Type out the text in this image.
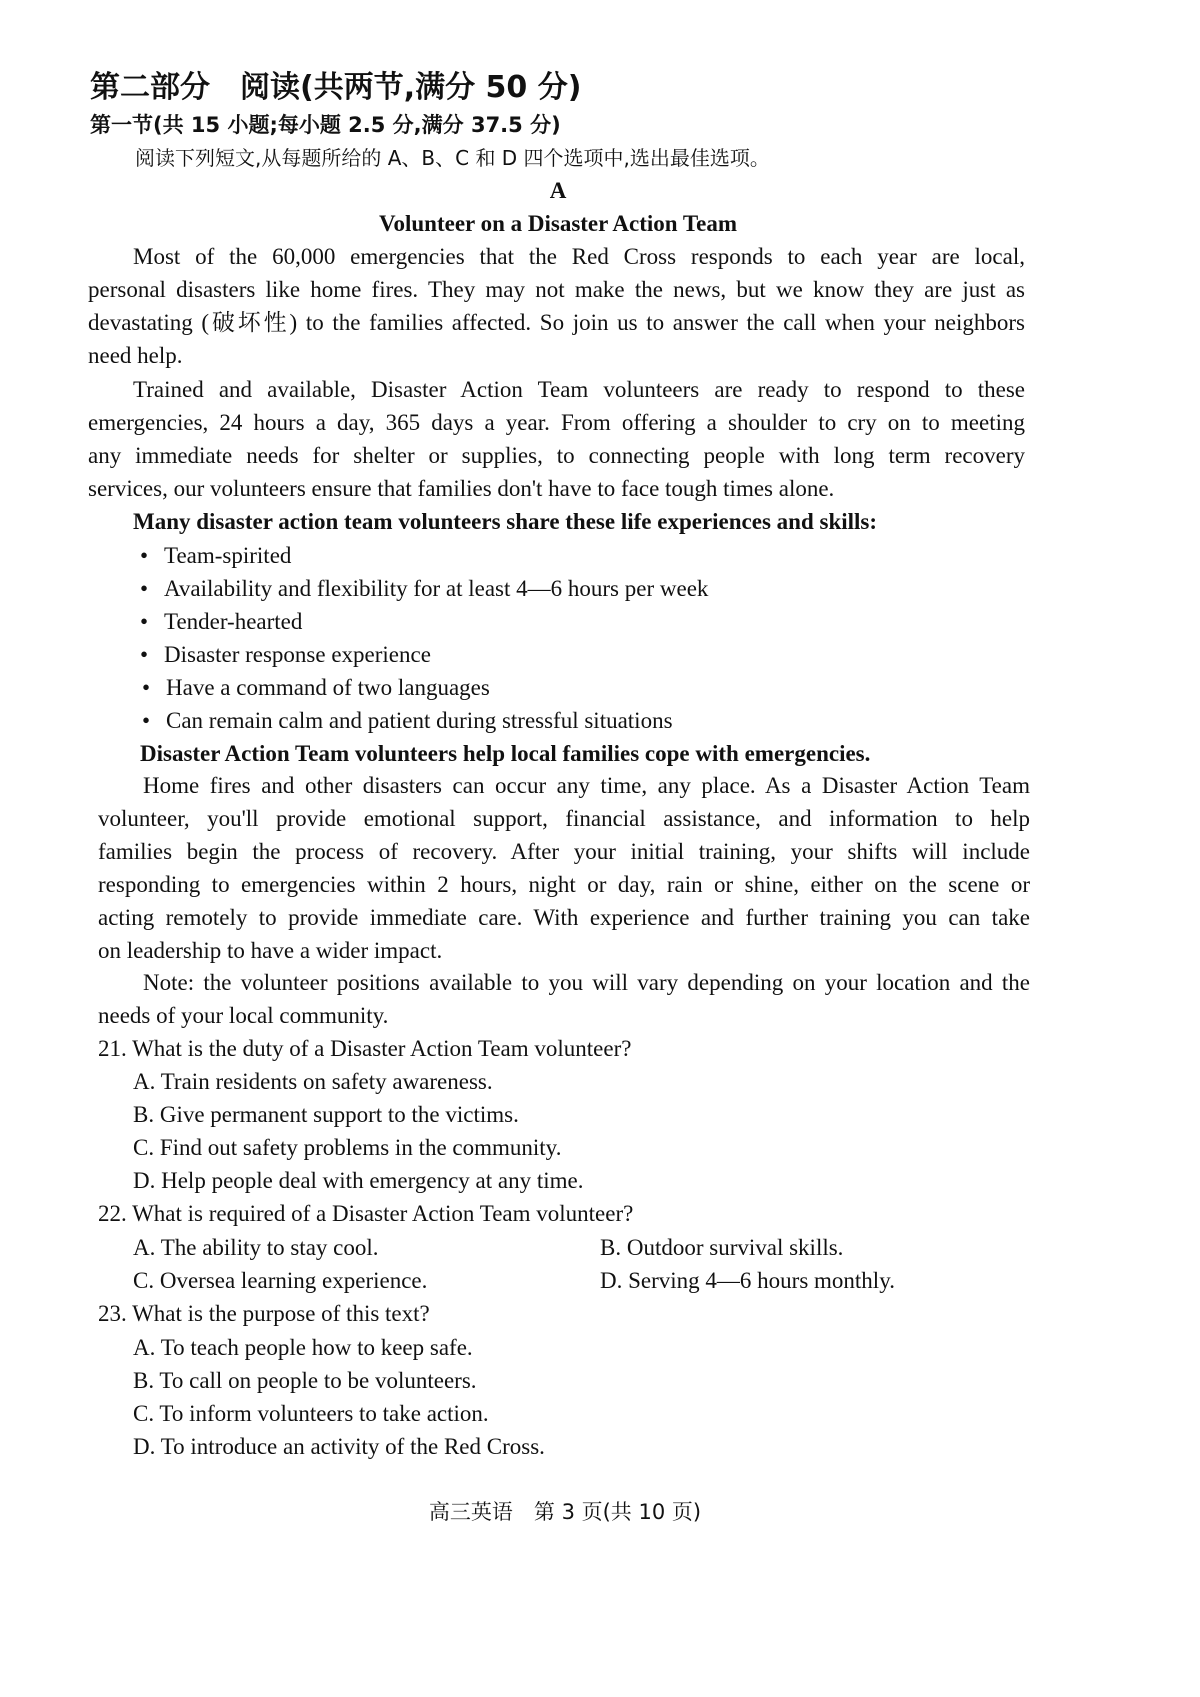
第二部分　阅读(共两节,满分 50 分)
第一节(共 15 小题;每小题 2.5 分,满分 37.5 分)
阅读下列短文,从每题所给的 A、B、C 和 D 四个选项中,选出最佳选项。
A
Volunteer on a Disaster Action Team
Most of the 60,000 emergencies that the Red Cross responds to each year are local,
personal disasters like home fires. They may not make the news, but we know they are just as
devastating (破坏性) to the families affected. So join us to answer the call when your neighbors
need help.
Trained and available, Disaster Action Team volunteers are ready to respond to these
emergencies, 24 hours a day, 365 days a year. From offering a shoulder to cry on to meeting
any immediate needs for shelter or supplies, to connecting people with long term recovery
services, our volunteers ensure that families don't have to face tough times alone.
Many disaster action team volunteers share these life experiences and skills:
• Team-spirited
• Availability and flexibility for at least 4—6 hours per week
• Tender-hearted
• Disaster response experience
• Have a command of two languages
• Can remain calm and patient during stressful situations
Disaster Action Team volunteers help local families cope with emergencies.
Home fires and other disasters can occur any time, any place. As a Disaster Action Team
volunteer, you'll provide emotional support, financial assistance, and information to help
families begin the process of recovery. After your initial training, your shifts will include
responding to emergencies within 2 hours, night or day, rain or shine, either on the scene or
acting remotely to provide immediate care. With experience and further training you can take
on leadership to have a wider impact.
Note: the volunteer positions available to you will vary depending on your location and the
needs of your local community.
21. What is the duty of a Disaster Action Team volunteer?
A. Train residents on safety awareness.
B. Give permanent support to the victims.
C. Find out safety problems in the community.
D. Help people deal with emergency at any time.
22. What is required of a Disaster Action Team volunteer?
A. The ability to stay cool.	B. Outdoor survival skills.
C. Oversea learning experience.	D. Serving 4—6 hours monthly.
23. What is the purpose of this text?
A. To teach people how to keep safe.
B. To call on people to be volunteers.
C. To inform volunteers to take action.
D. To introduce an activity of the Red Cross.
高三英语　第 3 页(共 10 页)
